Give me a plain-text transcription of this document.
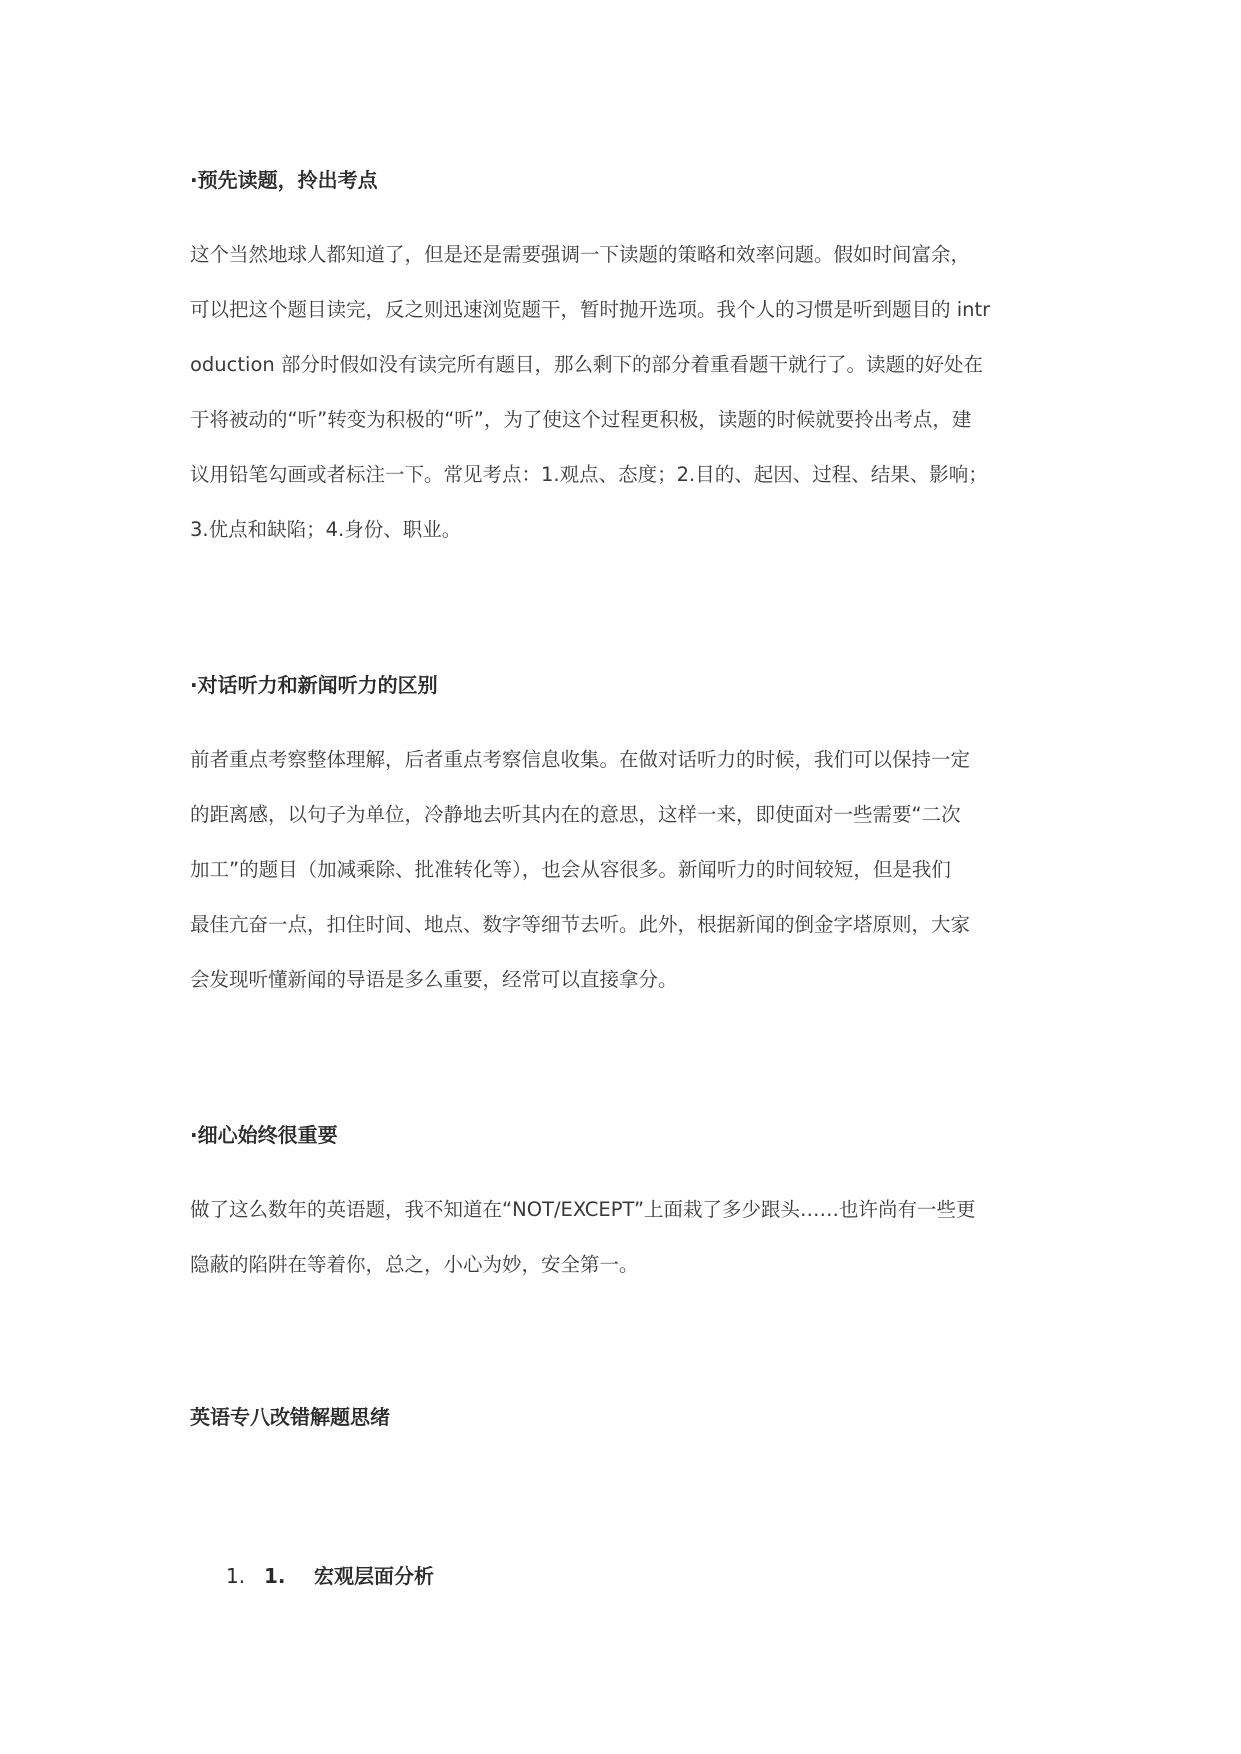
·预先读题，拎出考点
这个当然地球人都知道了，但是还是需要强调一下读题的策略和效率问题。假如时间富余，
可以把这个题目读完，反之则迅速浏览题干，暂时抛开选项。我个人的习惯是听到题目的 intr
oduction 部分时假如没有读完所有题目，那么剩下的部分着重看题干就行了。读题的好处在
于将被动的“听”转变为积极的“听”，为了使这个过程更积极，读题的时候就要拎出考点，建
议用铅笔勾画或者标注一下。常见考点：1.观点、态度；2.目的、起因、过程、结果、影响；
3.优点和缺陷；4.身份、职业。
·对话听力和新闻听力的区别
前者重点考察整体理解，后者重点考察信息收集。在做对话听力的时候，我们可以保持一定
的距离感，以句子为单位，冷静地去听其内在的意思，这样一来，即使面对一些需要“二次
加工”的题目（加减乘除、批准转化等），也会从容很多。新闻听力的时间较短，但是我们
最佳亢奋一点，扣住时间、地点、数字等细节去听。此外，根据新闻的倒金字塔原则，大家
会发现听懂新闻的导语是多么重要，经常可以直接拿分。
·细心始终很重要
做了这么数年的英语题，我不知道在“NOT/EXCEPT”上面栽了多少跟头……也许尚有一些更
隐蔽的陷阱在等着你，总之，小心为妙，安全第一。
英语专八改错解题思绪
1. 1. 宏观层面分析
